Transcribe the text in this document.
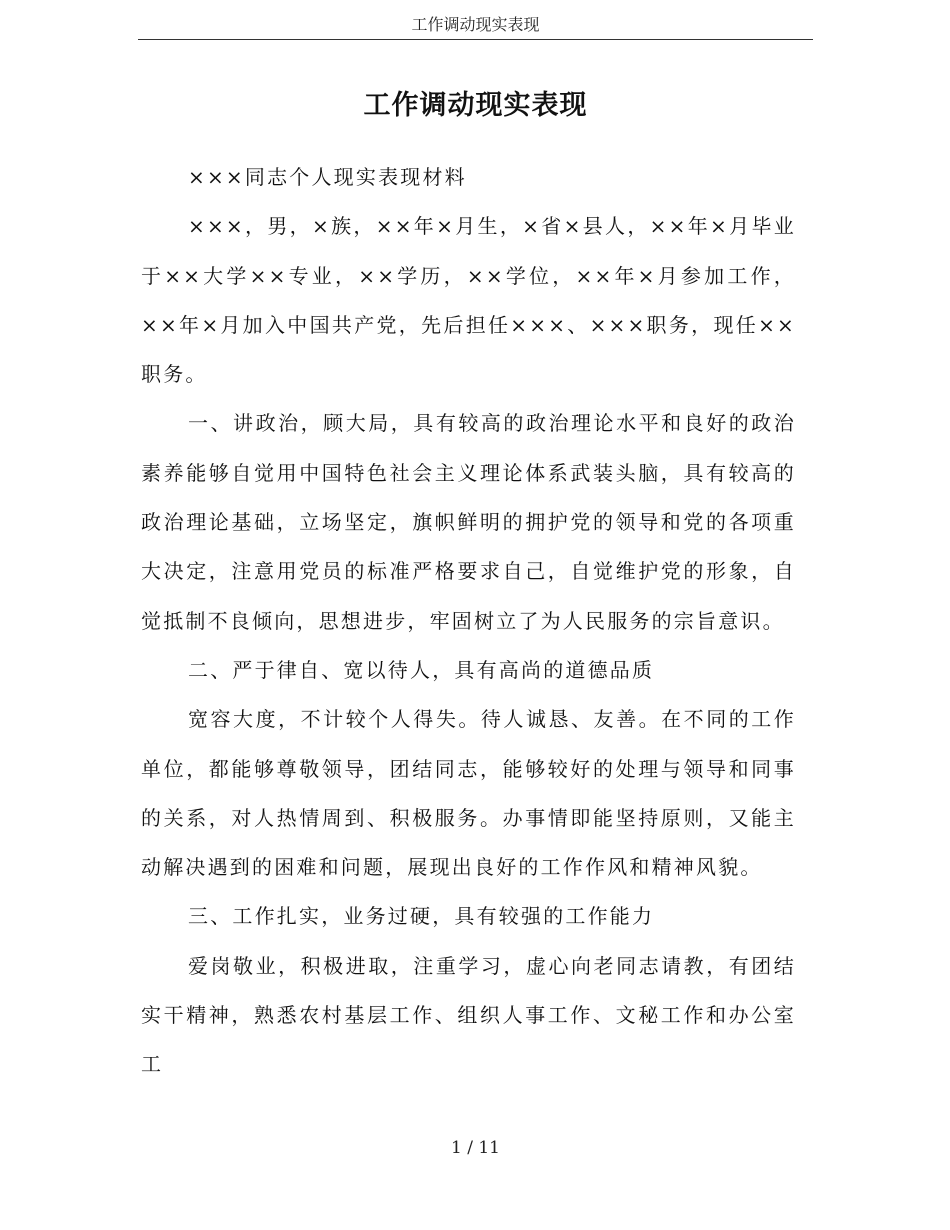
工作调动现实表现
工作调动现实表现

×××同志个人现实表现材料

×××，男，×族，××年×月生，×省×县人，××年×月毕业于××大学××专业，××学历，××学位，××年×月参加工作，××年×月加入中国共产党，先后担任×××、×××职务，现任××职务。

一、讲政治，顾大局，具有较高的政治理论水平和良好的政治素养能够自觉用中国特色社会主义理论体系武装头脑，具有较高的政治理论基础，立场坚定，旗帜鲜明的拥护党的领导和党的各项重大决定，注意用党员的标准严格要求自己，自觉维护党的形象，自觉抵制不良倾向，思想进步，牢固树立了为人民服务的宗旨意识。

二、严于律自、宽以待人，具有高尚的道德品质

宽容大度，不计较个人得失。待人诚恳、友善。在不同的工作单位，都能够尊敬领导，团结同志，能够较好的处理与领导和同事的关系，对人热情周到、积极服务。办事情即能坚持原则，又能主动解决遇到的困难和问题，展现出良好的工作作风和精神风貌。

三、工作扎实，业务过硬，具有较强的工作能力

爱岗敬业，积极进取，注重学习，虚心向老同志请教，有团结实干精神，熟悉农村基层工作、组织人事工作、文秘工作和办公室工

1 / 11
